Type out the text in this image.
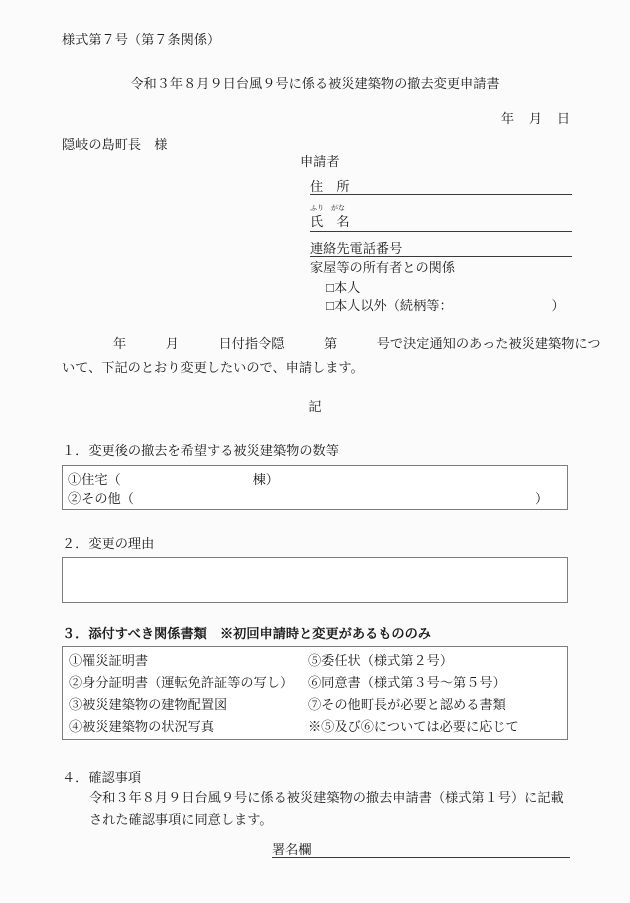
様式第７号（第７条関係）
令和３年８月９日台風９号に係る被災建築物の撤去変更申請書
年 月 日
隠岐の島町長　様
申請者
住　所
ふり　 がな
氏　名
連絡先電話番号
家屋等の所有者との関係
□本人
□本人以外（続柄等：　　　　　　　　）
年　　　月　　　日付指令隠　　　第　　　号で決定通知のあった被災建築物につ
いて、下記のとおり変更したいので、申請します。
記
１．変更後の撤去を希望する被災建築物の数等
①住宅（　　　　　　　　　　棟）
②その他（	）
２．変更の理由
３．添付すべき関係書類　※初回申請時と変更があるもののみ
①罹災証明書
②身分証明書（運転免許証等の写し）
③被災建築物の建物配置図
④被災建築物の状況写真
⑤委任状（様式第２号）
⑥同意書（様式第３号～第５号）
⑦その他町長が必要と認める書類
※⑤及び⑥については必要に応じて
４．確認事項
令和３年８月９日台風９号に係る被災建築物の撤去申請書（様式第１号）に記載
された確認事項に同意します。
署名欄
